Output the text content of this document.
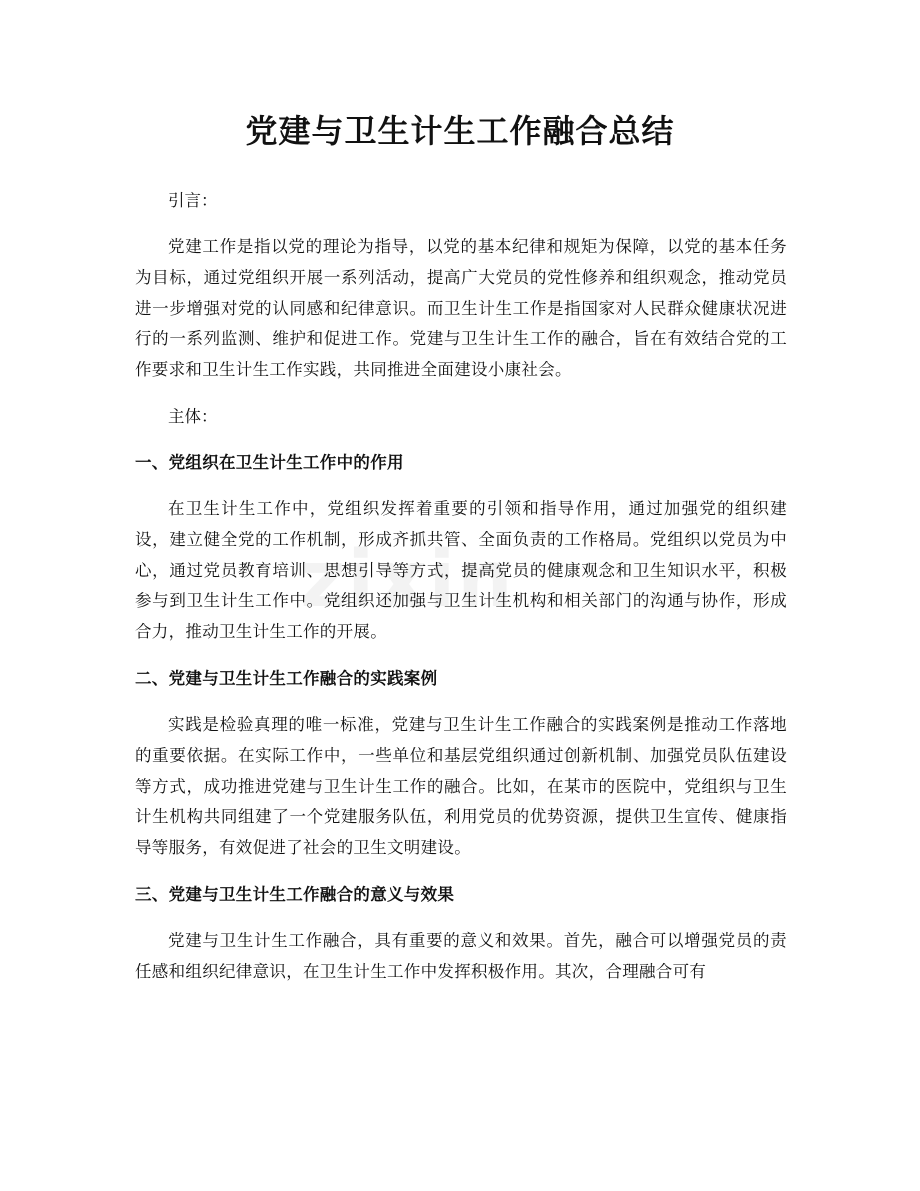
党建与卫生计生工作融合总结

引言：

党建工作是指以党的理论为指导，以党的基本纪律和规矩为保障，以党的基本任务为目标，通过党组织开展一系列活动，提高广大党员的党性修养和组织观念，推动党员进一步增强对党的认同感和纪律意识。而卫生计生工作是指国家对人民群众健康状况进行的一系列监测、维护和促进工作。党建与卫生计生工作的融合，旨在有效结合党的工作要求和卫生计生工作实践，共同推进全面建设小康社会。

主体：

一、党组织在卫生计生工作中的作用

在卫生计生工作中，党组织发挥着重要的引领和指导作用，通过加强党的组织建设，建立健全党的工作机制，形成齐抓共管、全面负责的工作格局。党组织以党员为中心，通过党员教育培训、思想引导等方式，提高党员的健康观念和卫生知识水平，积极参与到卫生计生工作中。党组织还加强与卫生计生机构和相关部门的沟通与协作，形成合力，推动卫生计生工作的开展。

二、党建与卫生计生工作融合的实践案例

实践是检验真理的唯一标准，党建与卫生计生工作融合的实践案例是推动工作落地的重要依据。在实际工作中，一些单位和基层党组织通过创新机制、加强党员队伍建设等方式，成功推进党建与卫生计生工作的融合。比如，在某市的医院中，党组织与卫生计生机构共同组建了一个党建服务队伍，利用党员的优势资源，提供卫生宣传、健康指导等服务，有效促进了社会的卫生文明建设。

三、党建与卫生计生工作融合的意义与效果

党建与卫生计生工作融合，具有重要的意义和效果。首先，融合可以增强党员的责任感和组织纪律意识，在卫生计生工作中发挥积极作用。其次，合理融合可有
